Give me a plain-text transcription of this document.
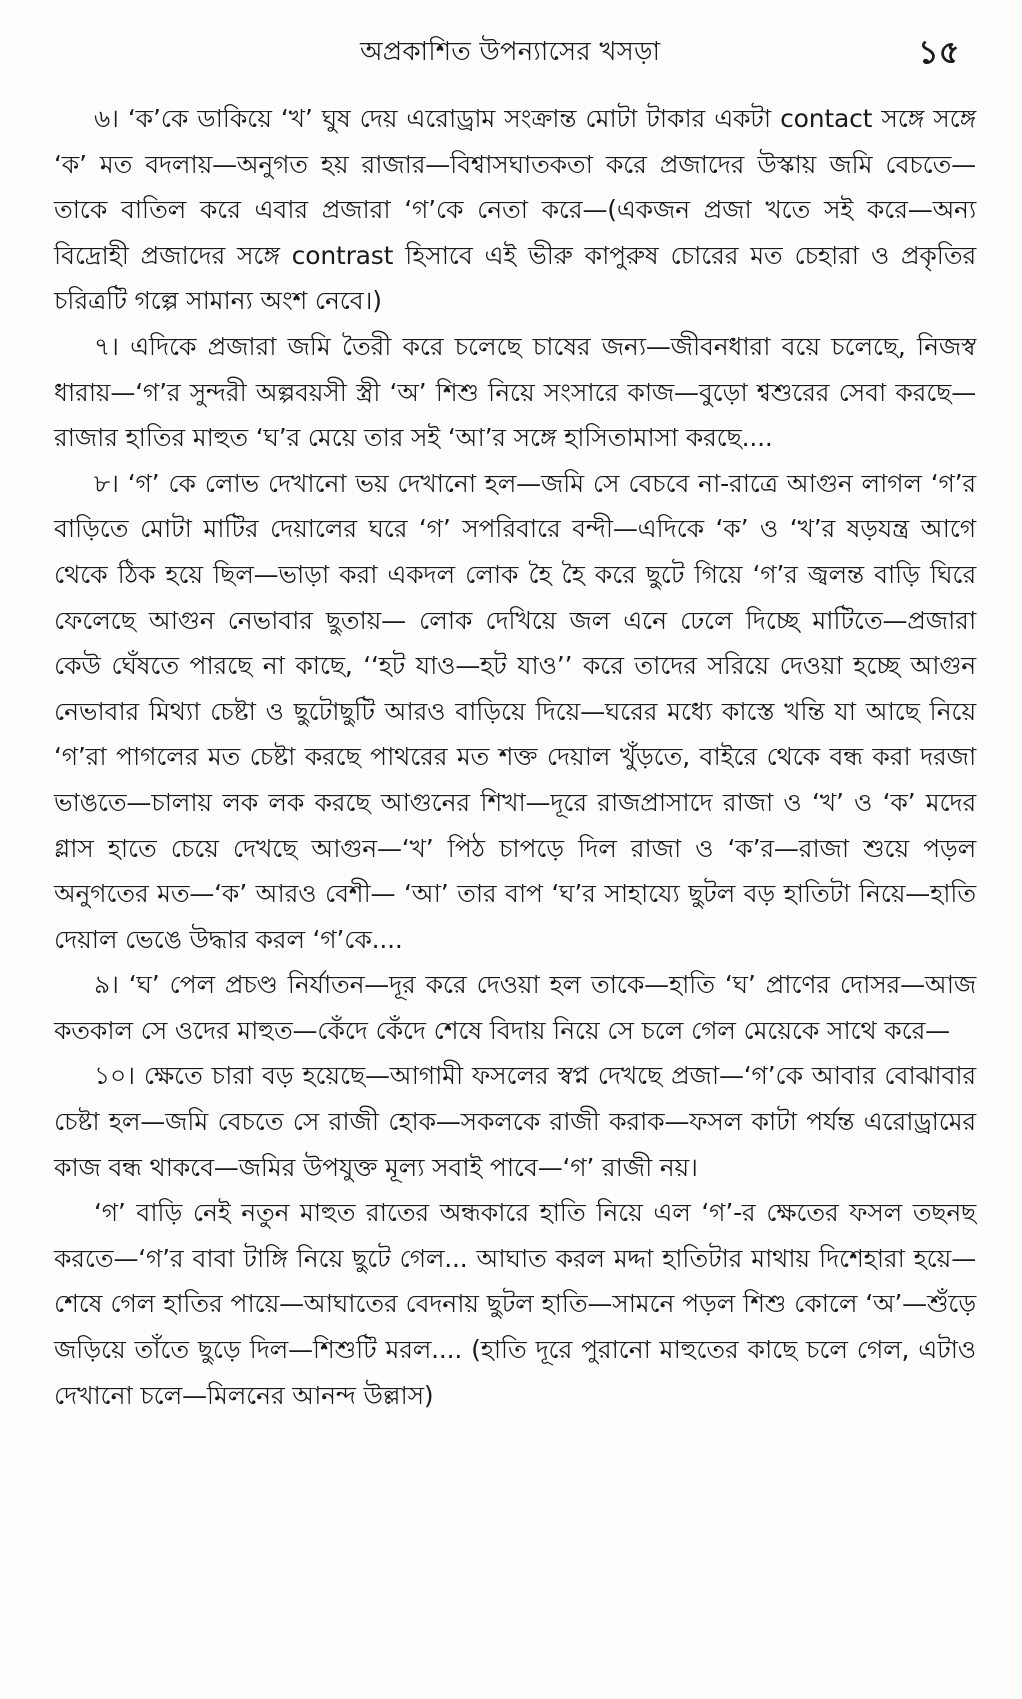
অপ্রকাশিত উপন্যাসের খসড়া	১৫

৬। ‘ক’কে ডাকিয়ে ‘খ’ ঘুষ দেয় এরোড্রাম সংক্রান্ত মোটা টাকার একটা contact সঙ্গে সঙ্গে ‘ক’ মত বদলায়—অনুগত হয় রাজার—বিশ্বাসঘাতকতা করে প্রজাদের উস্কায় জমি বেচতে— তাকে বাতিল করে এবার প্রজারা ‘গ’কে নেতা করে—(একজন প্রজা খতে সই করে—অন্য বিদ্রোহী প্রজাদের সঙ্গে contrast হিসাবে এই ভীরু কাপুরুষ চোরের মত চেহারা ও প্রকৃতির চরিত্রটি গল্পে সামান্য অংশ নেবে।)

৭। এদিকে প্রজারা জমি তৈরী করে চলেছে চাষের জন্য—জীবনধারা বয়ে চলেছে, নিজস্ব ধারায়—‘গ’র সুন্দরী অল্পবয়সী স্ত্রী ‘অ’ শিশু নিয়ে সংসারে কাজ—বুড়ো শ্বশুরের সেবা করছে—রাজার হাতির মাহুত ‘ঘ’র মেয়ে তার সই ‘আ’র সঙ্গে হাসিতামাসা করছে....

৮। ‘গ’ কে লোভ দেখানো ভয় দেখানো হল—জমি সে বেচবে না-রাত্রে আগুন লাগল ‘গ’র বাড়িতে মোটা মাটির দেয়ালের ঘরে ‘গ’ সপরিবারে বন্দী—এদিকে ‘ক’ ও ‘খ’র ষড়যন্ত্র আগে থেকে ঠিক হয়ে ছিল—ভাড়া করা একদল লোক হৈ হৈ করে ছুটে গিয়ে ‘গ’র জ্বলন্ত বাড়ি ঘিরে ফেলেছে আগুন নেভাবার ছুতায়— লোক দেখিয়ে জল এনে ঢেলে দিচ্ছে মাটিতে—প্রজারা কেউ ঘেঁষতে পারছে না কাছে, ‘‘হট যাও—হট যাও’’ করে তাদের সরিয়ে দেওয়া হচ্ছে আগুন নেভাবার মিথ্যা চেষ্টা ও ছুটোছুটি আরও বাড়িয়ে দিয়ে—ঘরের মধ্যে কাস্তে খন্তি যা আছে নিয়ে ‘গ’রা পাগলের মত চেষ্টা করছে পাথরের মত শক্ত দেয়াল খুঁড়তে, বাইরে থেকে বন্ধ করা দরজা ভাঙতে—চালায় লক লক করছে আগুনের শিখা—দূরে রাজপ্রাসাদে রাজা ও ‘খ’ ও ‘ক’ মদের গ্লাস হাতে চেয়ে দেখছে আগুন—‘খ’ পিঠ চাপড়ে দিল রাজা ও ‘ক’র—রাজা শুয়ে পড়ল অনুগতের মত—‘ক’ আরও বেশী— ‘আ’ তার বাপ ‘ঘ’র সাহায্যে ছুটল বড় হাতিটা নিয়ে—হাতি দেয়াল ভেঙে উদ্ধার করল ‘গ’কে....

৯। ‘ঘ’ পেল প্রচণ্ড নির্যাতন—দূর করে দেওয়া হল তাকে—হাতি ‘ঘ’ প্রাণের দোসর—আজ কতকাল সে ওদের মাহুত—কেঁদে কেঁদে শেষে বিদায় নিয়ে সে চলে গেল মেয়েকে সাথে করে—

১০। ক্ষেতে চারা বড় হয়েছে—আগামী ফসলের স্বপ্ন দেখছে প্রজা—‘গ’কে আবার বোঝাবার চেষ্টা হল—জমি বেচতে সে রাজী হোক—সকলকে রাজী করাক—ফসল কাটা পর্যন্ত এরোড্রামের কাজ বন্ধ থাকবে—জমির উপযুক্ত মূল্য সবাই পাবে—‘গ’ রাজী নয়।

‘গ’ বাড়ি নেই নতুন মাহুত রাতের অন্ধকারে হাতি নিয়ে এল ‘গ’-র ক্ষেতের ফসল তছনছ করতে—‘গ’র বাবা টাঙ্গি নিয়ে ছুটে গেল... আঘাত করল মদ্দা হাতিটার মাথায় দিশেহারা হয়ে—শেষে গেল হাতির পায়ে—আঘাতের বেদনায় ছুটল হাতি—সামনে পড়ল শিশু কোলে ‘অ’—শুঁড়ে জড়িয়ে তাঁতে ছুড়ে দিল—শিশুটি মরল.... (হাতি দূরে পুরানো মাহুতের কাছে চলে গেল, এটাও দেখানো চলে—মিলনের আনন্দ উল্লাস)
